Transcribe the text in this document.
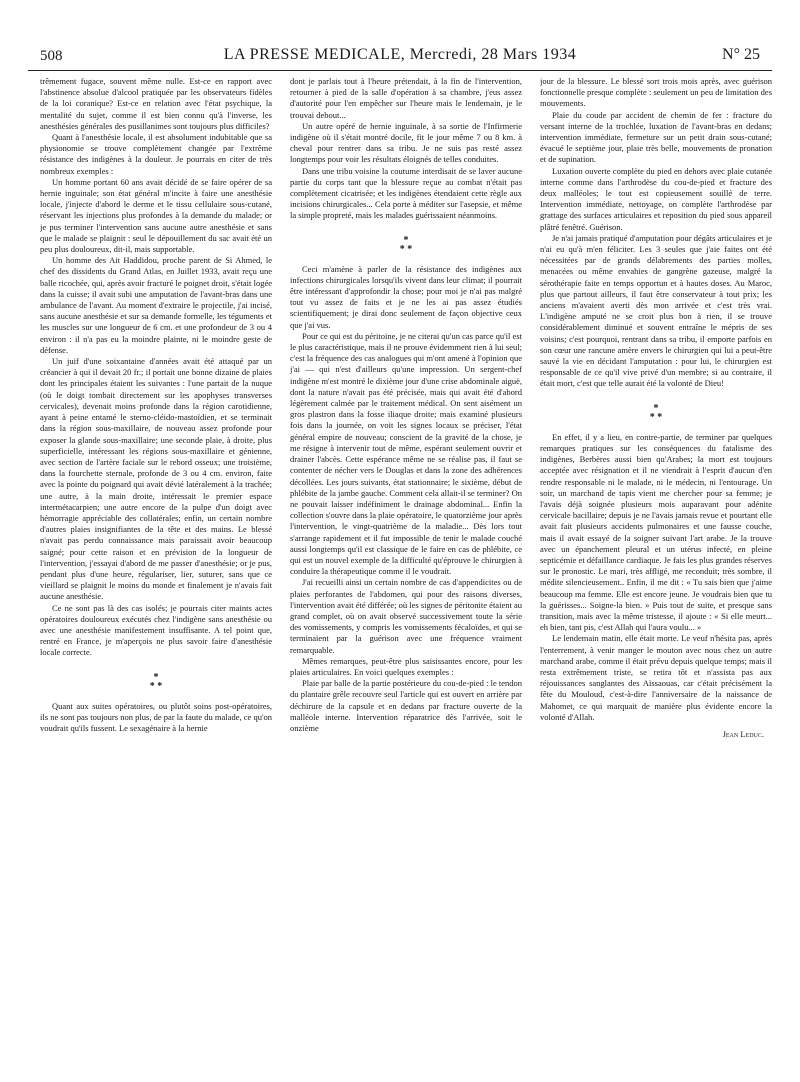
508	LA PRESSE MEDICALE, Mercredi, 28 Mars 1934	N° 25

trêmement fugace, souvent même nulle. Est-ce en rapport avec l'abstinence absolue d'alcool pratiquée par les observateurs fidèles de la loi coranique? Est-ce en relation avec l'état psychique, la mentalité du sujet, comme il est bien connu qu'à l'inverse, les anesthésies générales des pusillanimes sont toujours plus difficiles?

Quant à l'anesthésie locale, il est absolument indubitable que sa physionomie se trouve complètement changée par l'extrême résistance des indigènes à la douleur. Je pourrais en citer de très nombreux exemples :

Un homme portant 60 ans avait décidé de se faire opérer de sa hernie inguinale; son état général m'incite à faire une anesthésie locale, j'injecte d'abord le derme et le tissu cellulaire sous-cutané, réservant les injections plus profondes à la demande du malade; or je pus terminer l'intervention sans aucune autre anesthésie et sans que le malade se plaignit : seul le dépouillement du sac avait été un peu plus douloureux, dit-il, mais supportable.

Un homme des Ait Haddidou, proche parent de Si Ahmed, le chef des dissidents du Grand Atlas, en Juillet 1933, avait reçu une balle ricochée, qui, après avoir fracturé le poignet droit, s'était logée dans la cuisse; il avait subi une amputation de l'avant-bras dans une ambulance de l'avant. Au moment d'extraire le projectile, j'ai incisé, sans aucune anesthésie et sur sa demande formelle, les téguments et les muscles sur une longueur de 6 cm. et une profondeur de 3 ou 4 environ : il n'a pas eu la moindre plainte, ni le moindre geste de défense.

Un juif d'une soixantaine d'années avait été attaqué par un créancier à qui il devait 20 fr.; il portait une bonne dizaine de plaies dont les principales étaient les suivantes : l'une partait de la nuque (où le doigt tombait directement sur les apophyses transverses cervicales), devenait moins profonde dans la région carotidienne, ayant à peine entamé le sterno-cléido-mastoïdien, et se terminait dans la région sous-maxillaire, de nouveau assez profonde pour exposer la glande sous-maxillaire; une seconde plaie, à droite, plus superficielle, intéressant les régions sous-maxillaire et génienne, avec section de l'artère faciale sur le rebord osseux; une troisième, dans la fourchette sternale, profonde de 3 ou 4 cm. environ, faite avec la pointe du poignard qui avait dévié latéralement à la trachée; une autre, à la main droite, intéressait le premier espace intermétacarpien; une autre encore de la pulpe d'un doigt avec hémorragie appréciable des collatérales; enfin, un certain nombre d'autres plaies insignifiantes de la tête et des mains. Le blessé n'avait pas perdu connaissance mais paraissait avoir beaucoup saigné; pour cette raison et en prévision de la longueur de l'intervention, j'essayai d'abord de me passer d'anesthésie; or je pus, pendant plus d'une heure, régulariser, lier, suturer, sans que ce vieillard se plaignit le moins du monde et finalement je n'avais fait aucune anesthésie.

Ce ne sont pas là des cas isolés; je pourrais citer maints actes opératoires douloureux exécutés chez l'indigène sans anesthésie ou avec une anesthésie manifestement insuffisante. A tel point que, rentré en France, je m'aperçois ne plus savoir faire d'anesthésie locale correcte.

*
* *

Quant aux suites opératoires, ou plutôt soins post-opératoires, ils ne sont pas toujours non plus, de par la faute du malade, ce qu'on voudrait qu'ils fussent. Le sexagénaire à la hernie

dont je parlais tout à l'heure prétendait, à la fin de l'intervention, retourner à pied de la salle d'opération à sa chambre, j'eus assez d'autorité pour l'en empêcher sur l'heure mais le lendemain, je le trouvai debout...

Un autre opéré de hernie inguinale, à sa sortie de l'Infirmerie indigène où il s'était montré docile, fit le jour même 7 ou 8 km. à cheval pour rentrer dans sa tribu. Je ne suis pas resté assez longtemps pour voir les résultats éloignés de telles conduites.

Dans une tribu voisine la coutume interdisait de se laver aucune partie du corps tant que la blessure reçue au combat n'était pas complètement cicatrisée; et les indigènes étendaient cette règle aux incisions chirurgicales... Cela porte à méditer sur l'asepsie, et même la simple propreté, mais les malades guérissaient néanmoins.

*
* *

Ceci m'amène à parler de la résistance des indigènes aux infections chirurgicales lorsqu'ils vivent dans leur climat; il pourrait être intéressant d'approfondir la chose; pour moi je n'ai pas malgré tout vu assez de faits et je ne les ai pas assez étudiés scientifiquement; je dirai donc seulement de façon objective ceux que j'ai vus.

Pour ce qui est du péritoine, je ne citerai qu'un cas parce qu'il est le plus caractéristique, mais il ne prouve évidemment rien à lui seul; c'est la fréquence des cas analogues qui m'ont amené à l'opinion que j'ai — qui n'est d'ailleurs qu'une impression. Un sergent-chef indigène m'est montré le dixième jour d'une crise abdominale aiguë, dont la nature n'avait pas été précisée, mais qui avait été d'abord légèrement calmée par le traitement médical. On sent aisément un gros plastron dans la fosse iliaque droite; mais examiné plusieurs fois dans la journée, on voit les signes locaux se préciser, l'état général empire de nouveau; conscient de la gravité de la chose, je me résigne à intervenir tout de même, espérant seulement ouvrir et drainer l'abcès. Cette espérance même ne se réalise pas, il faut se contenter de nécher vers le Douglas et dans la zone des adhérences décollées. Les jours suivants, état stationnaire; le sixième, début de phlébite de la jambe gauche. Comment cela allait-il se terminer? On ne pouvait laisser indéfiniment le drainage abdominal... Enfin la collection s'ouvre dans la plaie opératoire, le quatorzième jour après l'intervention, le vingt-quatrième de la maladie... Dès lors tout s'arrange rapidement et il fut impossible de tenir le malade couché aussi longtemps qu'il est classique de le faire en cas de phlébite, ce qui est un nouvel exemple de la difficulté qu'éprouve le chirurgien à conduire la thérapeutique comme il le voudrait.

J'ai recueilli ainsi un certain nombre de cas d'appendicites ou de plaies perforantes de l'abdomen, qui pour des raisons diverses, l'intervention avait été différée; où les signes de péritonite étaient au grand complet, où on avait observé successivement toute la série des vomissements, y compris les vomissements fécaloïdes, et qui se terminaient par la guérison avec une fréquence vraiment remarquable.

Mêmes remarques, peut-être plus saisissantes encore, pour les plaies articulaires. En voici quelques exemples :

Plaie par balle de la partie postérieure du cou-de-pied : le tendon du plantaire grêle recouvre seul l'article qui est ouvert en arrière par déchirure de la capsule et en dedans par fracture ouverte de la malléole interne. Intervention réparatrice dès l'arrivée, soit le onzième

jour de la blessure. Le blessé sort trois mois après, avec guérison fonctionnelle presque complète : seulement un peu de limitation des mouvements.

Plaie du coude par accident de chemin de fer : fracture du versant interne de la trochlée, luxation de l'avant-bras en dedans; intervention immédiate, fermeture sur un petit drain sous-cutané; évacué le septième jour, plaie très belle, mouvements de pronation et de supination.

Luxation ouverte complète du pied en dehors avec plaie cutanée interne comme dans l'arthrodèse du cou-de-pied et fracture des deux malléoles; le tout est copieusement souillé de terre. Intervention immédiate, nettoyage, on complète l'arthrodèse par grattage des surfaces articulaires et reposition du pied sous appareil plâtré fenêtré. Guérison.

Je n'ai jamais pratiqué d'amputation pour dégâts articulaires et je n'ai eu qu'à m'en féliciter. Les 3 seules que j'aie faites ont été nécessitées par de grands délabrements des parties molles, menacées ou même envahies de gangrène gazeuse, malgré la sérothérapie faite en temps opportun et à hautes doses. Au Maroc, plus que partout ailleurs, il faut être conservateur à tout prix; les anciens m'avaient averti dès mon arrivée et c'est très vrai. L'indigène amputé ne se croit plus bon à rien, il se trouve considérablement diminué et souvent entraîne le mépris de ses voisins; c'est pourquoi, rentrant dans sa tribu, il emporte parfois en son cœur une rancune amère envers le chirurgien qui lui a peut-être sauvé la vie en décidant l'amputation : pour lui, le chirurgien est responsable de ce qu'il vive privé d'un membre; si au contraire, il était mort, c'est que telle aurait été la volonté de Dieu!

*
* *

En effet, il y a lieu, en contre-partie, de terminer par quelques remarques pratiques sur les conséquences du fatalisme des indigènes, Berbères aussi bien qu'Arabes; la mort est toujours acceptée avec résignation et il ne viendrait à l'esprit d'aucun d'en rendre responsable ni le malade, ni le médecin, ni l'entourage. Un soir, un marchand de tapis vient me chercher pour sa femme; je l'avais déjà soignée plusieurs mois auparavant pour adénite cervicale bacillaire; depuis je ne l'avais jamais revue et pourtant elle avait fait plusieurs accidents pulmonaires et une fausse couche, mais il avait essayé de la soigner suivant l'art arabe. Je la trouve avec un épanchement pleural et un utérus infecté, en pleine septicémie et défaillance cardiaque. Je fais les plus grandes réserves sur le pronostic. Le mari, très affligé, me reconduit; très sombre, il médite silencieusement.. Enfin, il me dit : « Tu sais bien que j'aime beaucoup ma femme. Elle est encore jeune. Je voudrais bien que tu la guérisses... Soigne-la bien. » Puis tout de suite, et presque sans transition, mais avec la même tristesse, il ajoute : « Si elle meurt... eh bien, tant pis, c'est Allah qui l'aura voulu... »

Le lendemain matin, elle était morte. Le veuf n'hésita pas, après l'enterrement, à venir manger le mouton avec nous chez un autre marchand arabe, comme il était prévu depuis quelque temps; mais il resta extrêmement triste, se retira tôt et n'assista pas aux réjouissances sanglantes des Aïssaouas, car c'était précisément la fête du Mouloud, c'est-à-dire l'anniversaire de la naissance de Mahomet, ce qui marquait de manière plus évidente encore la volonté d'Allah.

Jean Leduc.
